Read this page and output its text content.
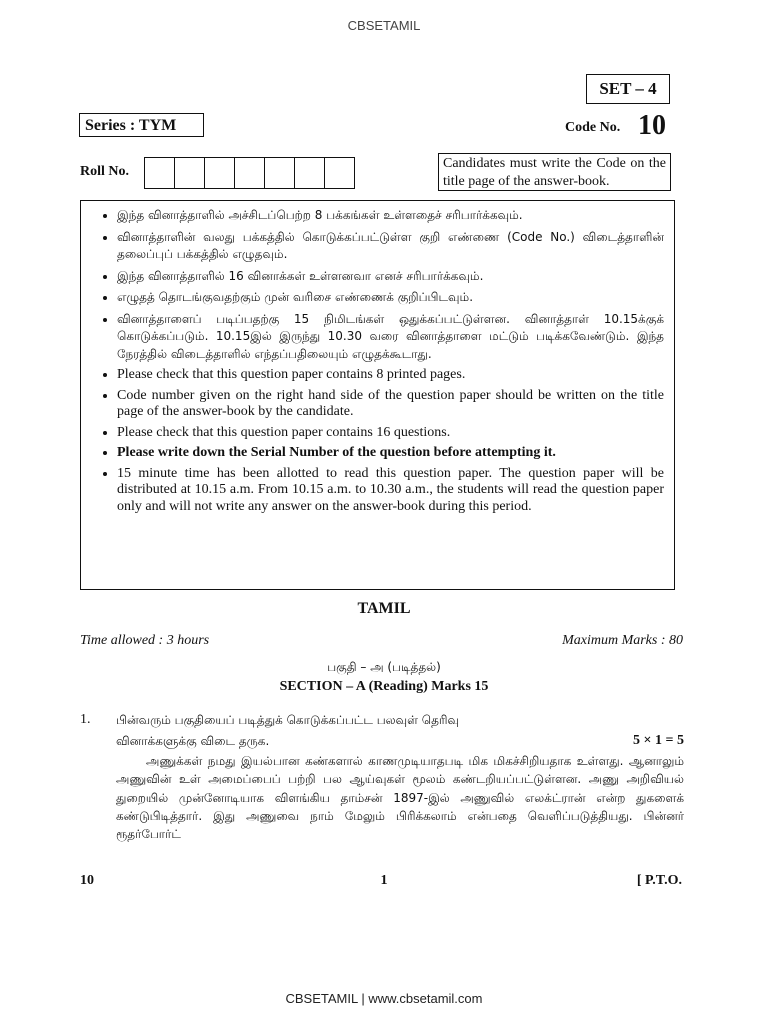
CBSETAMIL
SET – 4
Series : TYM	Code No. 10
Roll No.
Candidates must write the Code on the title page of the answer-book.
• இந்த வினாத்தாளில் அச்சிடப்பெற்ற 8 பக்கங்கள் உள்ளதைச் சரிபார்க்கவும்.
• வினாத்தாளின் வலது பக்கத்தில் கொடுக்கப்பட்டுள்ள குறி எண்ணை (Code No.) விடைத்தாளின் தலைப்புப் பக்கத்தில் எழுதவும்.
• இந்த வினாத்தாளில் 16 வினாக்கள் உள்ளனவா எனச் சரிபார்க்கவும்.
• எழுதத் தொடங்குவதற்கும் முன் வரிசை எண்ணைக் குறிப்பிடவும்.
• வினாத்தாளைப் படிப்பதற்கு 15 நிமிடங்கள் ஒதுக்கப்பட்டுள்ளன. வினாத்தாள் 10.15க்குக் கொடுக்கப்படும். 10.15இல் இருந்து 10.30 வரை வினாத்தாளை மட்டும் படிக்கவேண்டும். இந்த நேரத்தில் விடைத்தாளில் எந்தப்பதிலையும் எழுதக்கூடாது.
• Please check that this question paper contains 8 printed pages.
• Code number given on the right hand side of the question paper should be written on the title page of the answer-book by the candidate.
• Please check that this question paper contains 16 questions.
• Please write down the Serial Number of the question before attempting it.
• 15 minute time has been allotted to read this question paper. The question paper will be distributed at 10.15 a.m. From 10.15 a.m. to 10.30 a.m., the students will read the question paper only and will not write any answer on the answer-book during this period.
TAMIL
Time allowed : 3 hours	Maximum Marks : 80
பகுதி – அ (படித்தல்)
SECTION – A (Reading) Marks 15
1. பின்வரும் பகுதியைப் படித்துக் கொடுக்கப்பட்ட பலவுள் தெரிவு
வினாக்களுக்கு விடை தருக.	5 × 1 = 5

அணுக்கள் நமது இயல்பான கண்களால் காணமுடியாதபடி மிக மிகச்சிறியதாக உள்ளது. ஆனாலும் அணுவின் உள் அமைப்பைப் பற்றி பல ஆய்வுகள் மூலம் கண்டறியப்பட்டுள்ளன. அணு அறிவியல் துறையில் முன்னோடியாக விளங்கிய தாம்சன் 1897-இல் அணுவில் எலக்ட்ரான் என்ற துகளைக் கண்டுபிடித்தார். இது அணுவை நாம் மேலும் பிரிக்கலாம் என்பதை வெளிப்படுத்தியது. பின்னர் ரூதர்போர்ட்

10	1	[ P.T.O.
CBSETAMIL | www.cbsetamil.com
